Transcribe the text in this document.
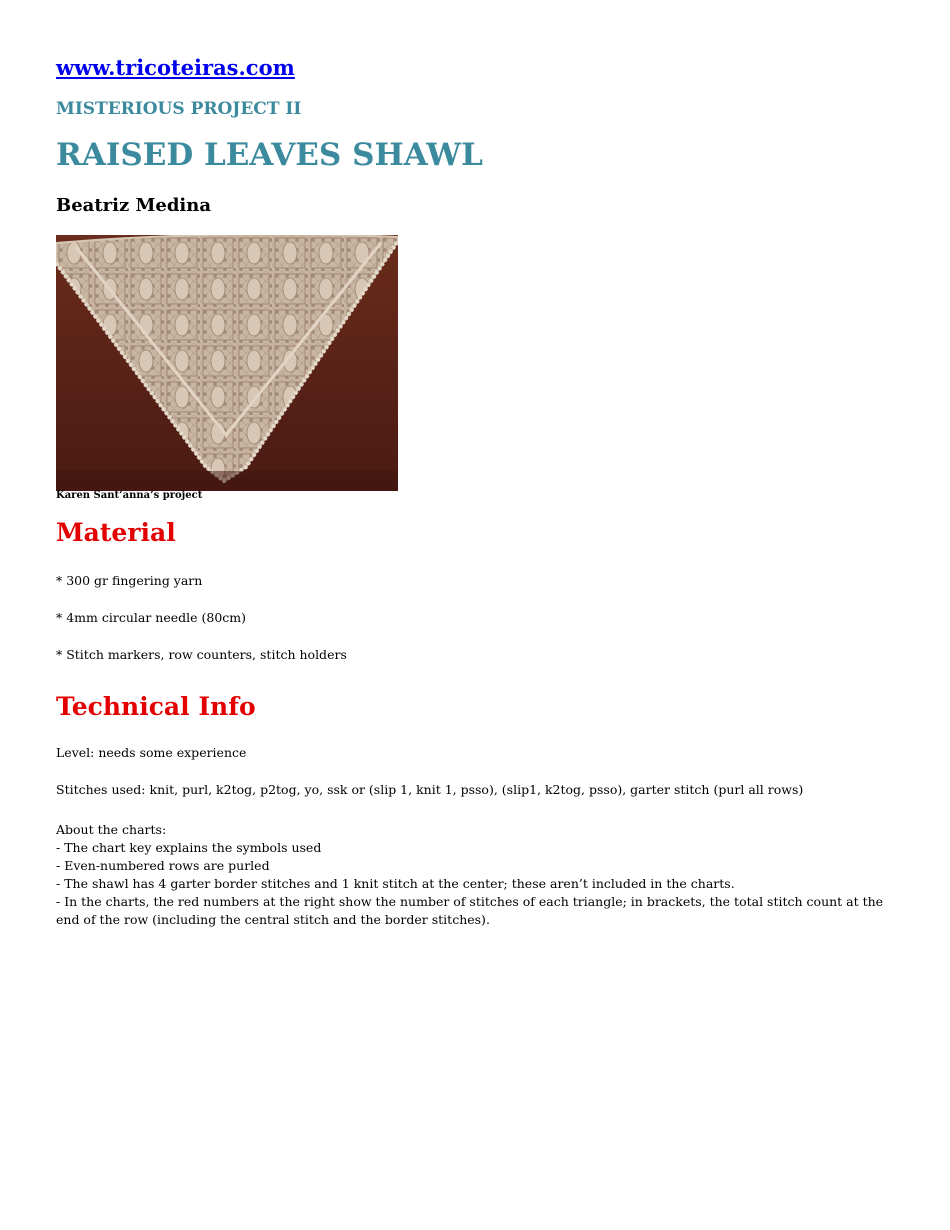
www.tricoteiras.com
MISTERIOUS PROJECT II
RAISED LEAVES SHAWL
Beatriz Medina
Karen Sant’anna’s project
Material
* 300 gr fingering yarn
* 4mm circular needle (80cm)
* Stitch markers, row counters, stitch holders
Technical Info
Level: needs some experience
Stitches used: knit, purl, k2tog, p2tog, yo, ssk or (slip 1, knit 1, psso), (slip1, k2tog, psso), garter stitch (purl all rows)
About the charts:
- The chart key explains the symbols used
- Even-numbered rows are purled
- The shawl has 4 garter border stitches and 1 knit stitch at the center; these aren’t included in the charts.
- In the charts, the red numbers at the right show the number of stitches of each triangle; in brackets, the total stitch count at the end of the row (including the central stitch and the border stitches).
